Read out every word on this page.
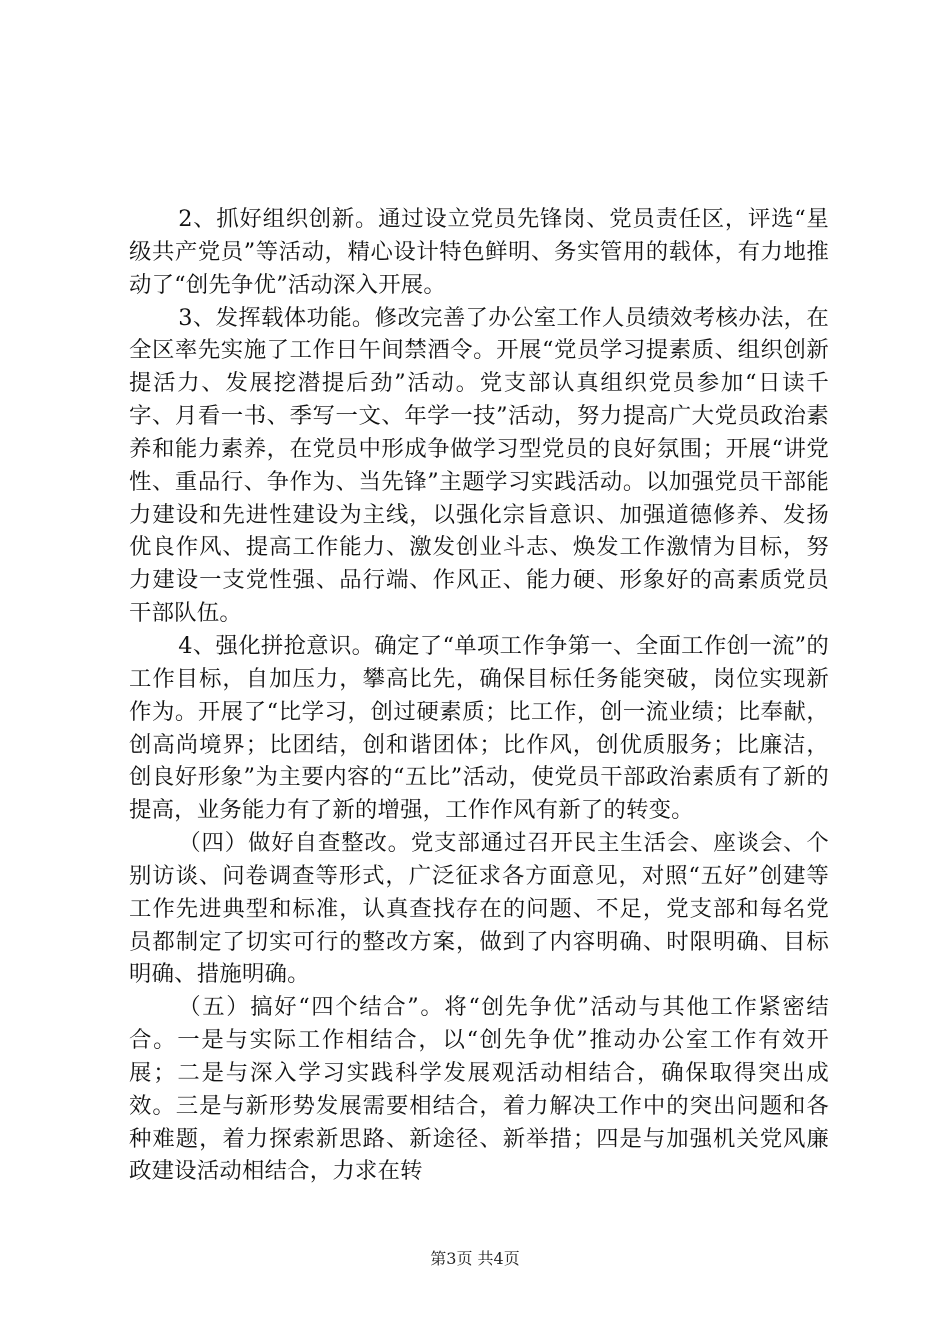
2、抓好组织创新。通过设立党员先锋岗、党员责任区，评选“星级共产党员”等活动，精心设计特色鲜明、务实管用的载体，有力地推动了“创先争优”活动深入开展。

3、发挥载体功能。修改完善了办公室工作人员绩效考核办法，在全区率先实施了工作日午间禁酒令。开展“党员学习提素质、组织创新提活力、发展挖潜提后劲”活动。党支部认真组织党员参加“日读千字、月看一书、季写一文、年学一技”活动，努力提高广大党员政治素养和能力素养，在党员中形成争做学习型党员的良好氛围；开展“讲党性、重品行、争作为、当先锋”主题学习实践活动。以加强党员干部能力建设和先进性建设为主线，以强化宗旨意识、加强道德修养、发扬优良作风、提高工作能力、激发创业斗志、焕发工作激情为目标，努力建设一支党性强、品行端、作风正、能力硬、形象好的高素质党员干部队伍。

4、强化拼抢意识。确定了“单项工作争第一、全面工作创一流”的工作目标，自加压力，攀高比先，确保目标任务能突破，岗位实现新作为。开展了“比学习，创过硬素质；比工作，创一流业绩；比奉献，创高尚境界；比团结，创和谐团体；比作风，创优质服务；比廉洁，创良好形象”为主要内容的“五比”活动，使党员干部政治素质有了新的提高，业务能力有了新的增强，工作作风有新了的转变。

（四）做好自查整改。党支部通过召开民主生活会、座谈会、个别访谈、问卷调查等形式，广泛征求各方面意见，对照“五好”创建等工作先进典型和标准，认真查找存在的问题、不足，党支部和每名党员都制定了切实可行的整改方案，做到了内容明确、时限明确、目标明确、措施明确。

（五）搞好“四个结合”。将“创先争优”活动与其他工作紧密结合。一是与实际工作相结合，以“创先争优”推动办公室工作有效开展；二是与深入学习实践科学发展观活动相结合，确保取得突出成效。三是与新形势发展需要相结合，着力解决工作中的突出问题和各种难题，着力探索新思路、新途径、新举措；四是与加强机关党风廉政建设活动相结合，力求在转

第3页 共4页
